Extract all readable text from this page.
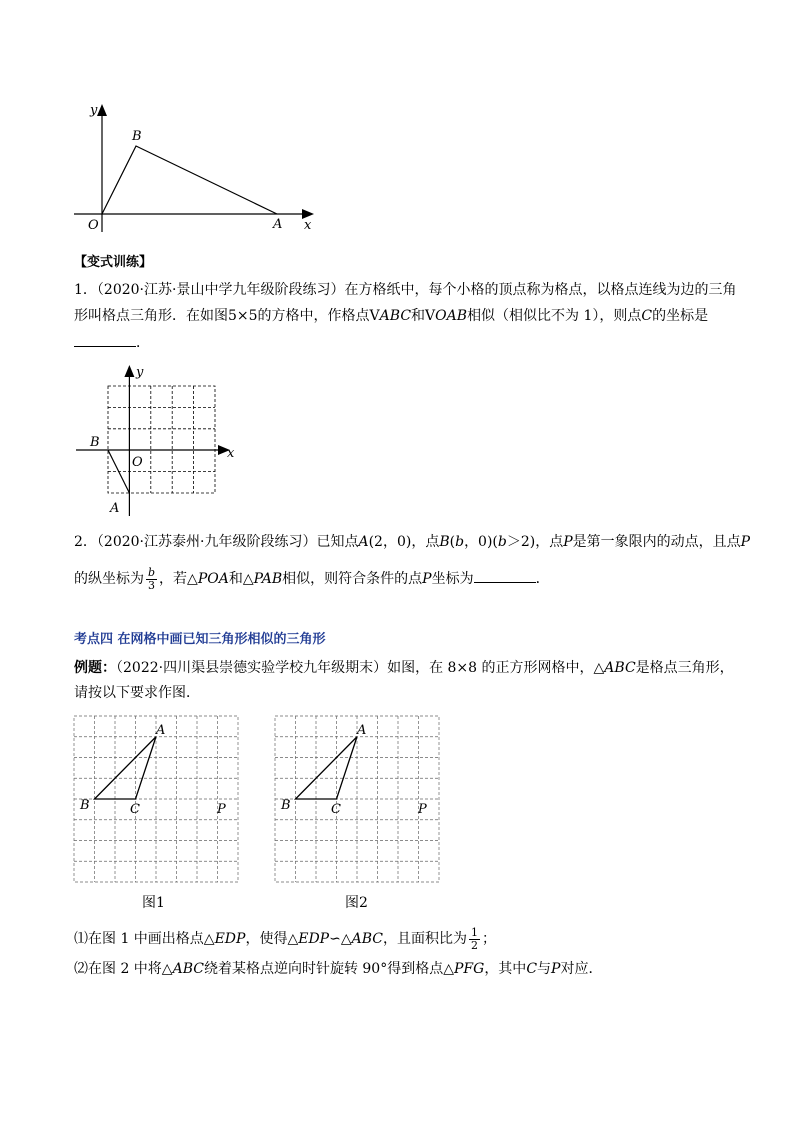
y
x
O
B
A
【变式训练】
1．（2020·江苏·景山中学九年级阶段练习）在方格纸中，每个小格的顶点称为格点，以格点连线为边的三角
形叫格点三角形．在如图5×5的方格中，作格点VABC和VOAB相似（相似比不为 1），则点C的坐标是
．
y
x
O
B
A
2．（2020·江苏泰州·九年级阶段练习）已知点A(2，0)，点B(b，0)(b＞2)，点P是第一象限内的动点，且点P
的纵坐标为 $\frac{b}{3}$ ，若△POA和△PAB相似，则符合条件的点P坐标为	．
考点四 在网格中画已知三角形相似的三角形
例题：（2022·四川渠县崇德实验学校九年级期末）如图，在 8×8 的正方形网格中，△ABC是格点三角形，
请按以下要求作图．
A
B	C	P
A
B	C	P
图1	图2
⑴在图 1 中画出格点△EDP，使得△EDP∽△ABC，且面积比为 $\frac{1}{2}$ ；
⑵在图 2 中将△ABC绕着某格点逆向时针旋转 90°得到格点△PFG，其中C与P对应．
